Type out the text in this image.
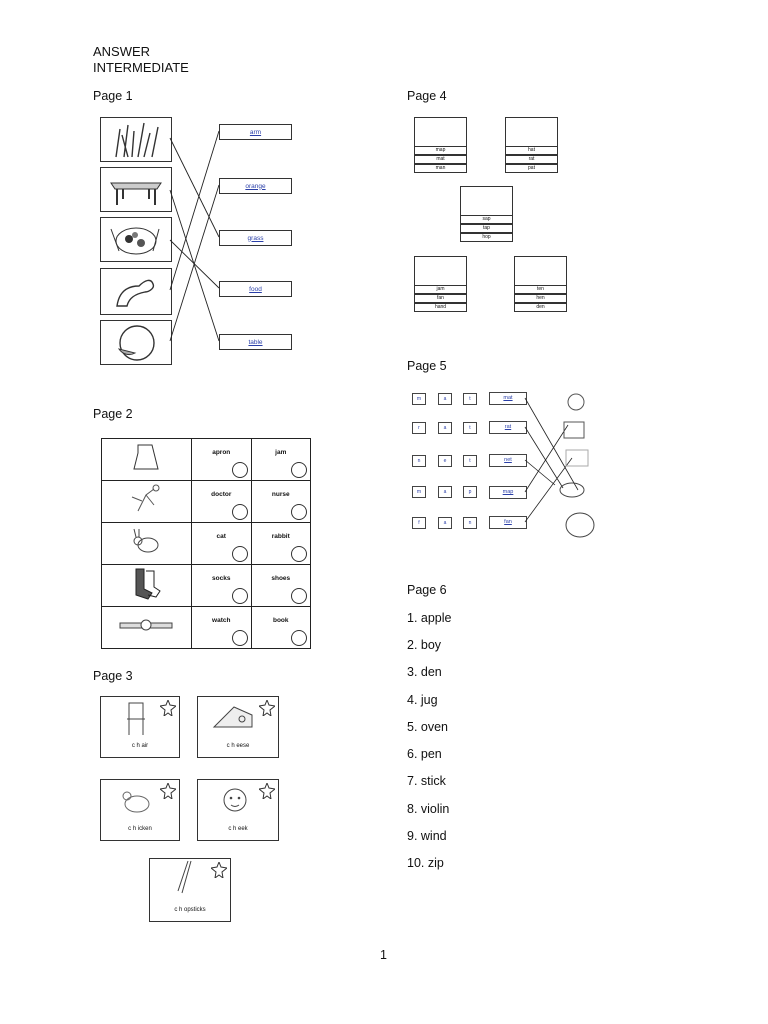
ANSWER
INTERMEDIATE
Page 1
arm
orange
grass
food
table
Page 2

apron	jam

doctor	nurse

cat	rabbit

socks	shoes

watch	book
Page 3
c h air	c h eese
c h icken	c h eek
c h opsticks
Page 4
map
mat
man
hat
rat
pat
sap
tap
hop
jam
fan
hand
ten
hen
den
Page 5
m	a	t	mat
r	a	t	rat
n	e	t	net
m	a	p	map
f	a	n	fan
Page 6
1. apple
2. boy
3. den
4. jug
5. oven
6. pen
7. stick
8. violin
9. wind
10. zip
1
